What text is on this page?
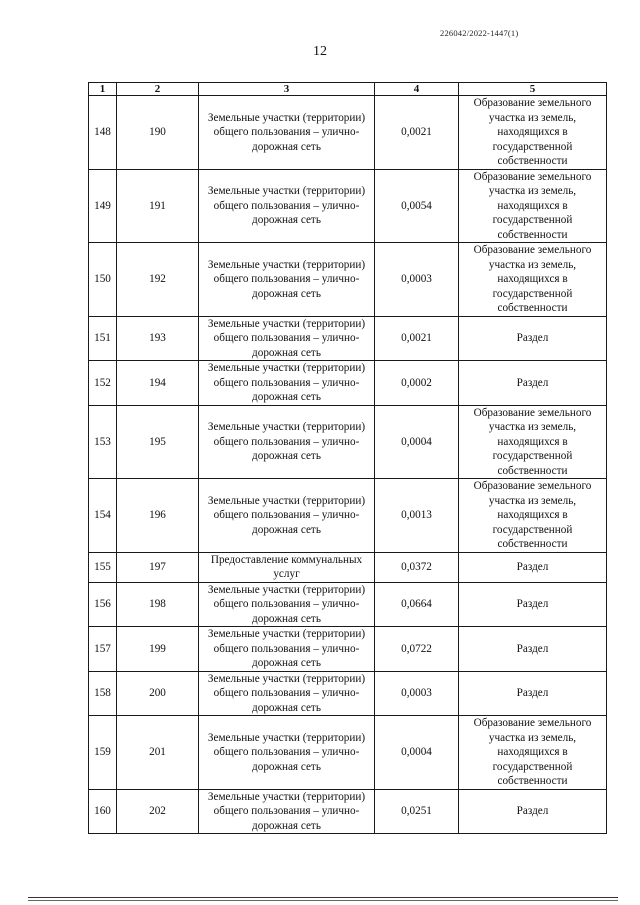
226042/2022-1447(1)
12
1	2	3	4	5
148	190	Земельные участки (территории) общего пользования – улично-дорожная сеть	0,0021	Образование земельного участка из земель, находящихся в государственной собственности
149	191	Земельные участки (территории) общего пользования – улично-дорожная сеть	0,0054	Образование земельного участка из земель, находящихся в государственной собственности
150	192	Земельные участки (территории) общего пользования – улично-дорожная сеть	0,0003	Образование земельного участка из земель, находящихся в государственной собственности
151	193	Земельные участки (территории) общего пользования – улично-дорожная сеть	0,0021	Раздел
152	194	Земельные участки (территории) общего пользования – улично-дорожная сеть	0,0002	Раздел
153	195	Земельные участки (территории) общего пользования – улично-дорожная сеть	0,0004	Образование земельного участка из земель, находящихся в государственной собственности
154	196	Земельные участки (территории) общего пользования – улично-дорожная сеть	0,0013	Образование земельного участка из земель, находящихся в государственной собственности
155	197	Предоставление коммунальных услуг	0,0372	Раздел
156	198	Земельные участки (территории) общего пользования – улично-дорожная сеть	0,0664	Раздел
157	199	Земельные участки (территории) общего пользования – улично-дорожная сеть	0,0722	Раздел
158	200	Земельные участки (территории) общего пользования – улично-дорожная сеть	0,0003	Раздел
159	201	Земельные участки (территории) общего пользования – улично-дорожная сеть	0,0004	Образование земельного участка из земель, находящихся в государственной собственности
160	202	Земельные участки (территории) общего пользования – улично-дорожная сеть	0,0251	Раздел
